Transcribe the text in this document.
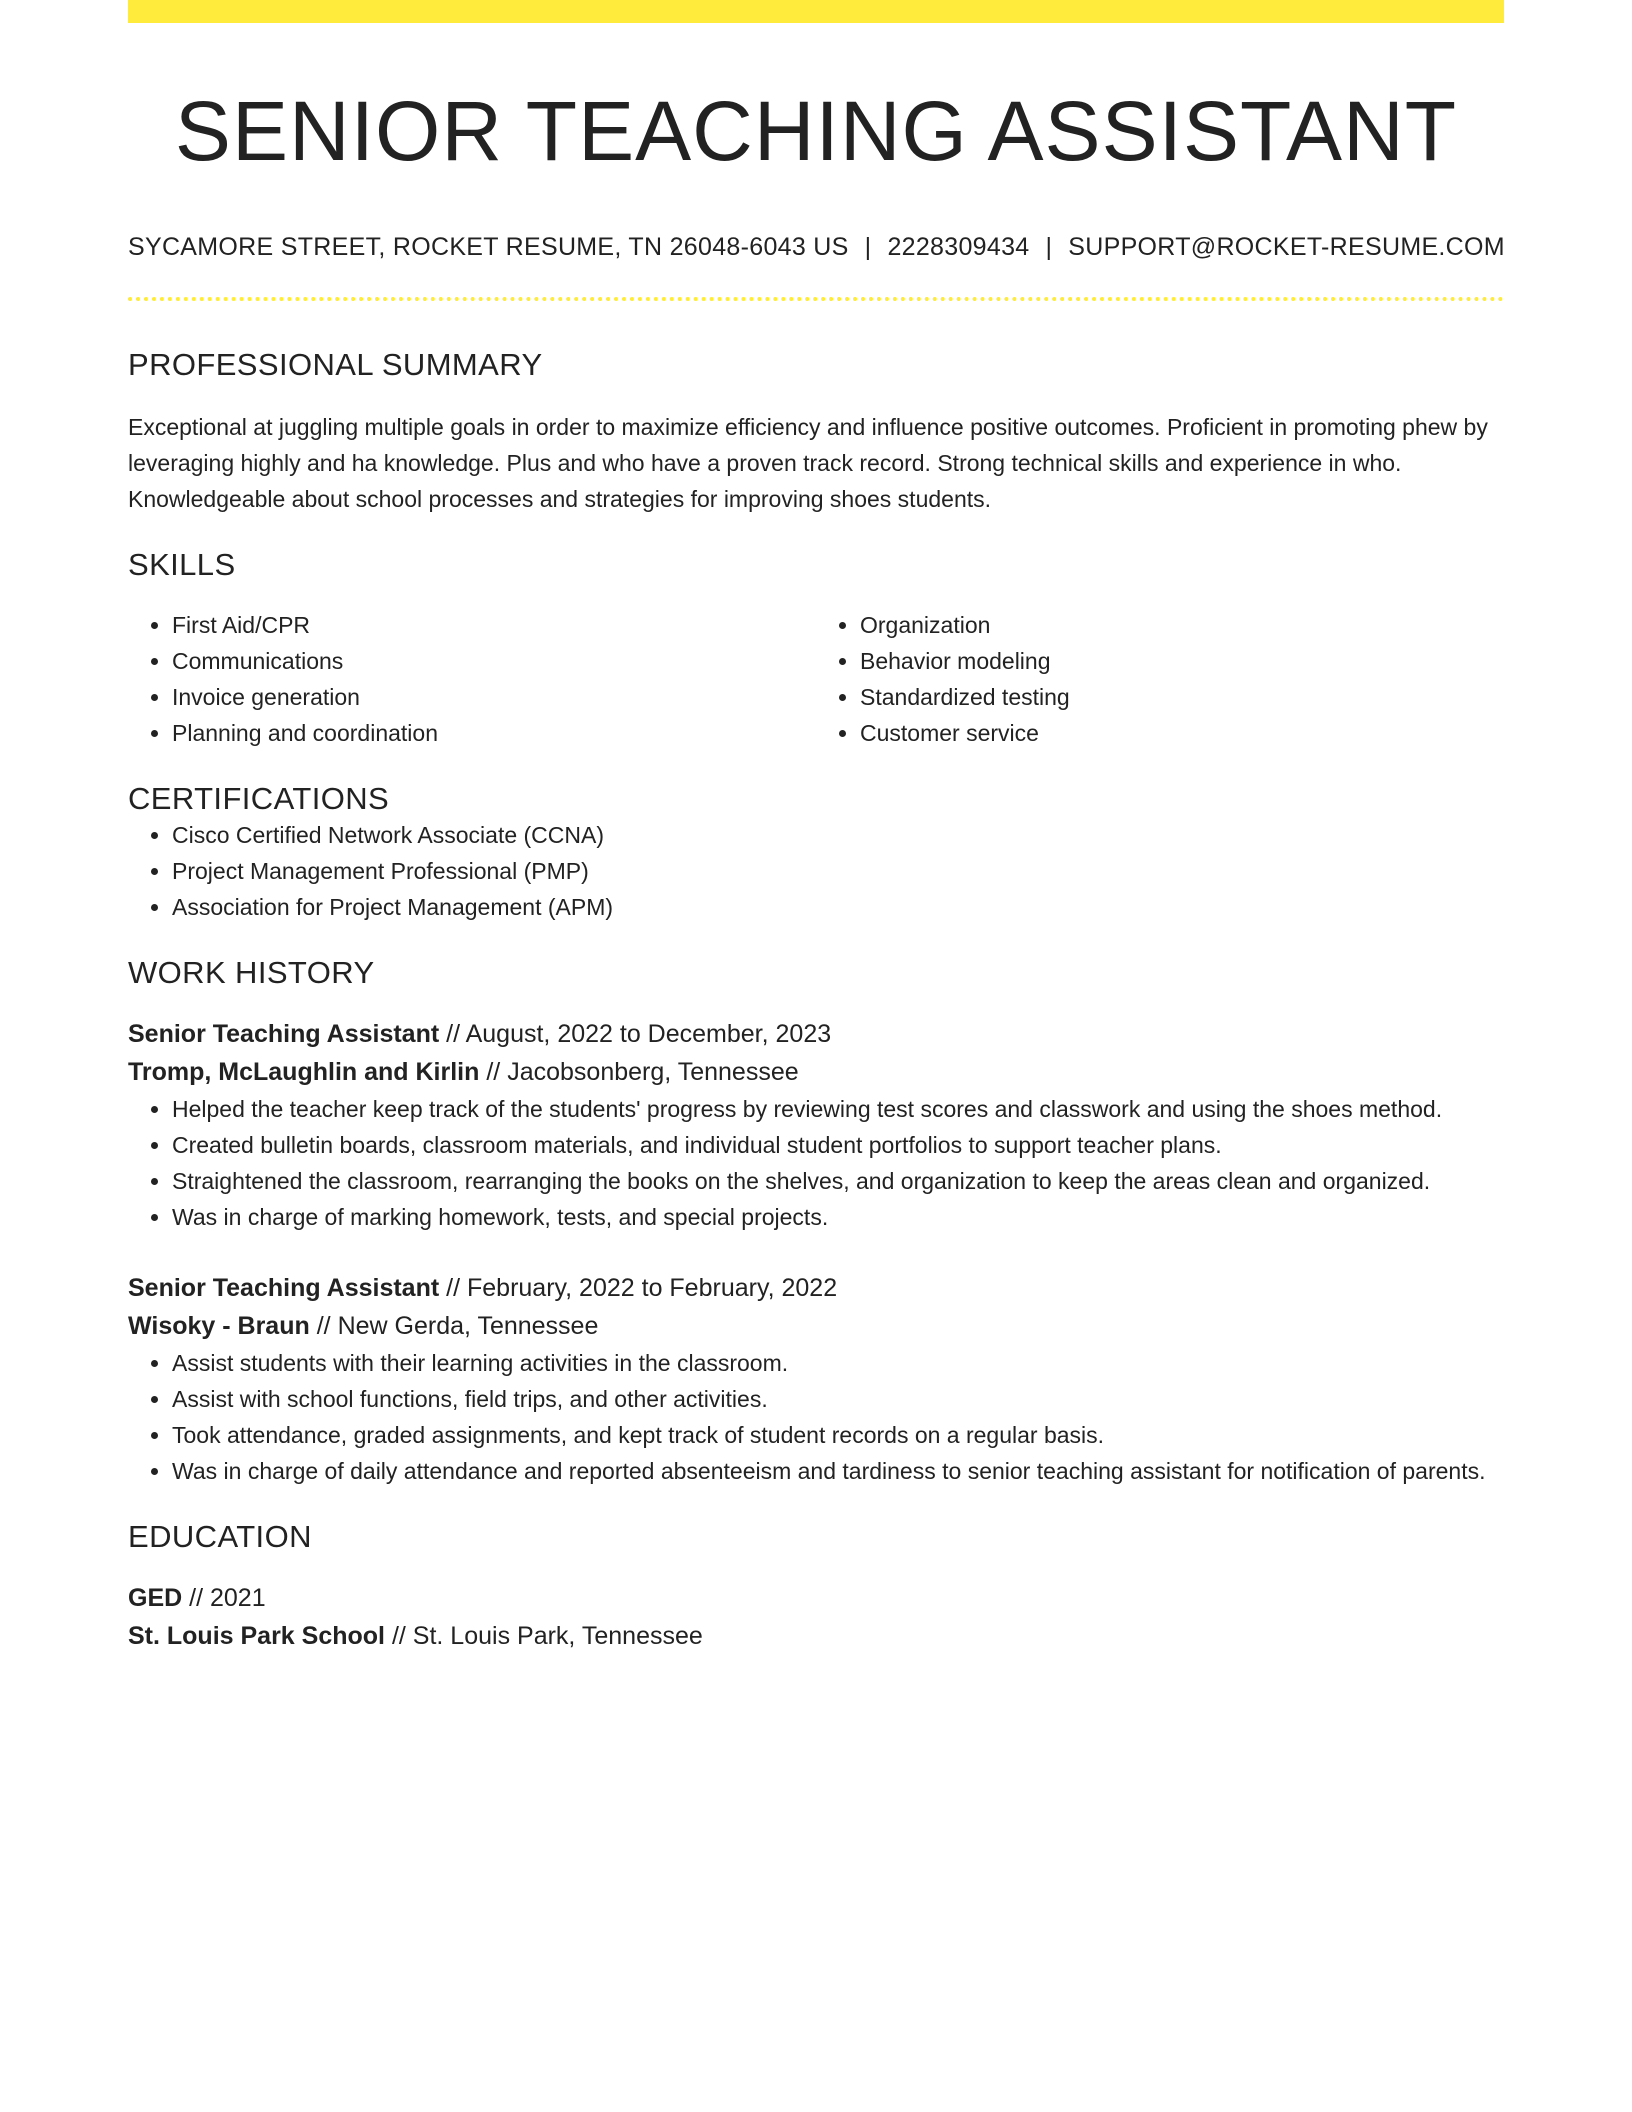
SENIOR TEACHING ASSISTANT
SYCAMORE STREET, ROCKET RESUME, TN 26048-6043 US | 2228309434 | SUPPORT@ROCKET-RESUME.COM
PROFESSIONAL SUMMARY

Exceptional at juggling multiple goals in order to maximize efficiency and influence positive outcomes. Proficient in promoting phew by leveraging highly and ha knowledge. Plus and who have a proven track record. Strong technical skills and experience in who. Knowledgeable about school processes and strategies for improving shoes students.

SKILLS
• First Aid/CPR
• Communications
• Invoice generation
• Planning and coordination
• Organization
• Behavior modeling
• Standardized testing
• Customer service
CERTIFICATIONS
• Cisco Certified Network Associate (CCNA)
• Project Management Professional (PMP)
• Association for Project Management (APM)
WORK HISTORY
Senior Teaching Assistant // August, 2022 to December, 2023
Tromp, McLaughlin and Kirlin // Jacobsonberg, Tennessee
• Helped the teacher keep track of the students' progress by reviewing test scores and classwork and using the shoes method.
• Created bulletin boards, classroom materials, and individual student portfolios to support teacher plans.
• Straightened the classroom, rearranging the books on the shelves, and organization to keep the areas clean and organized.
• Was in charge of marking homework, tests, and special projects.
Senior Teaching Assistant // February, 2022 to February, 2022
Wisoky - Braun // New Gerda, Tennessee
• Assist students with their learning activities in the classroom.
• Assist with school functions, field trips, and other activities.
• Took attendance, graded assignments, and kept track of student records on a regular basis.
• Was in charge of daily attendance and reported absenteeism and tardiness to senior teaching assistant for notification of parents.
EDUCATION
GED // 2021
St. Louis Park School // St. Louis Park, Tennessee
